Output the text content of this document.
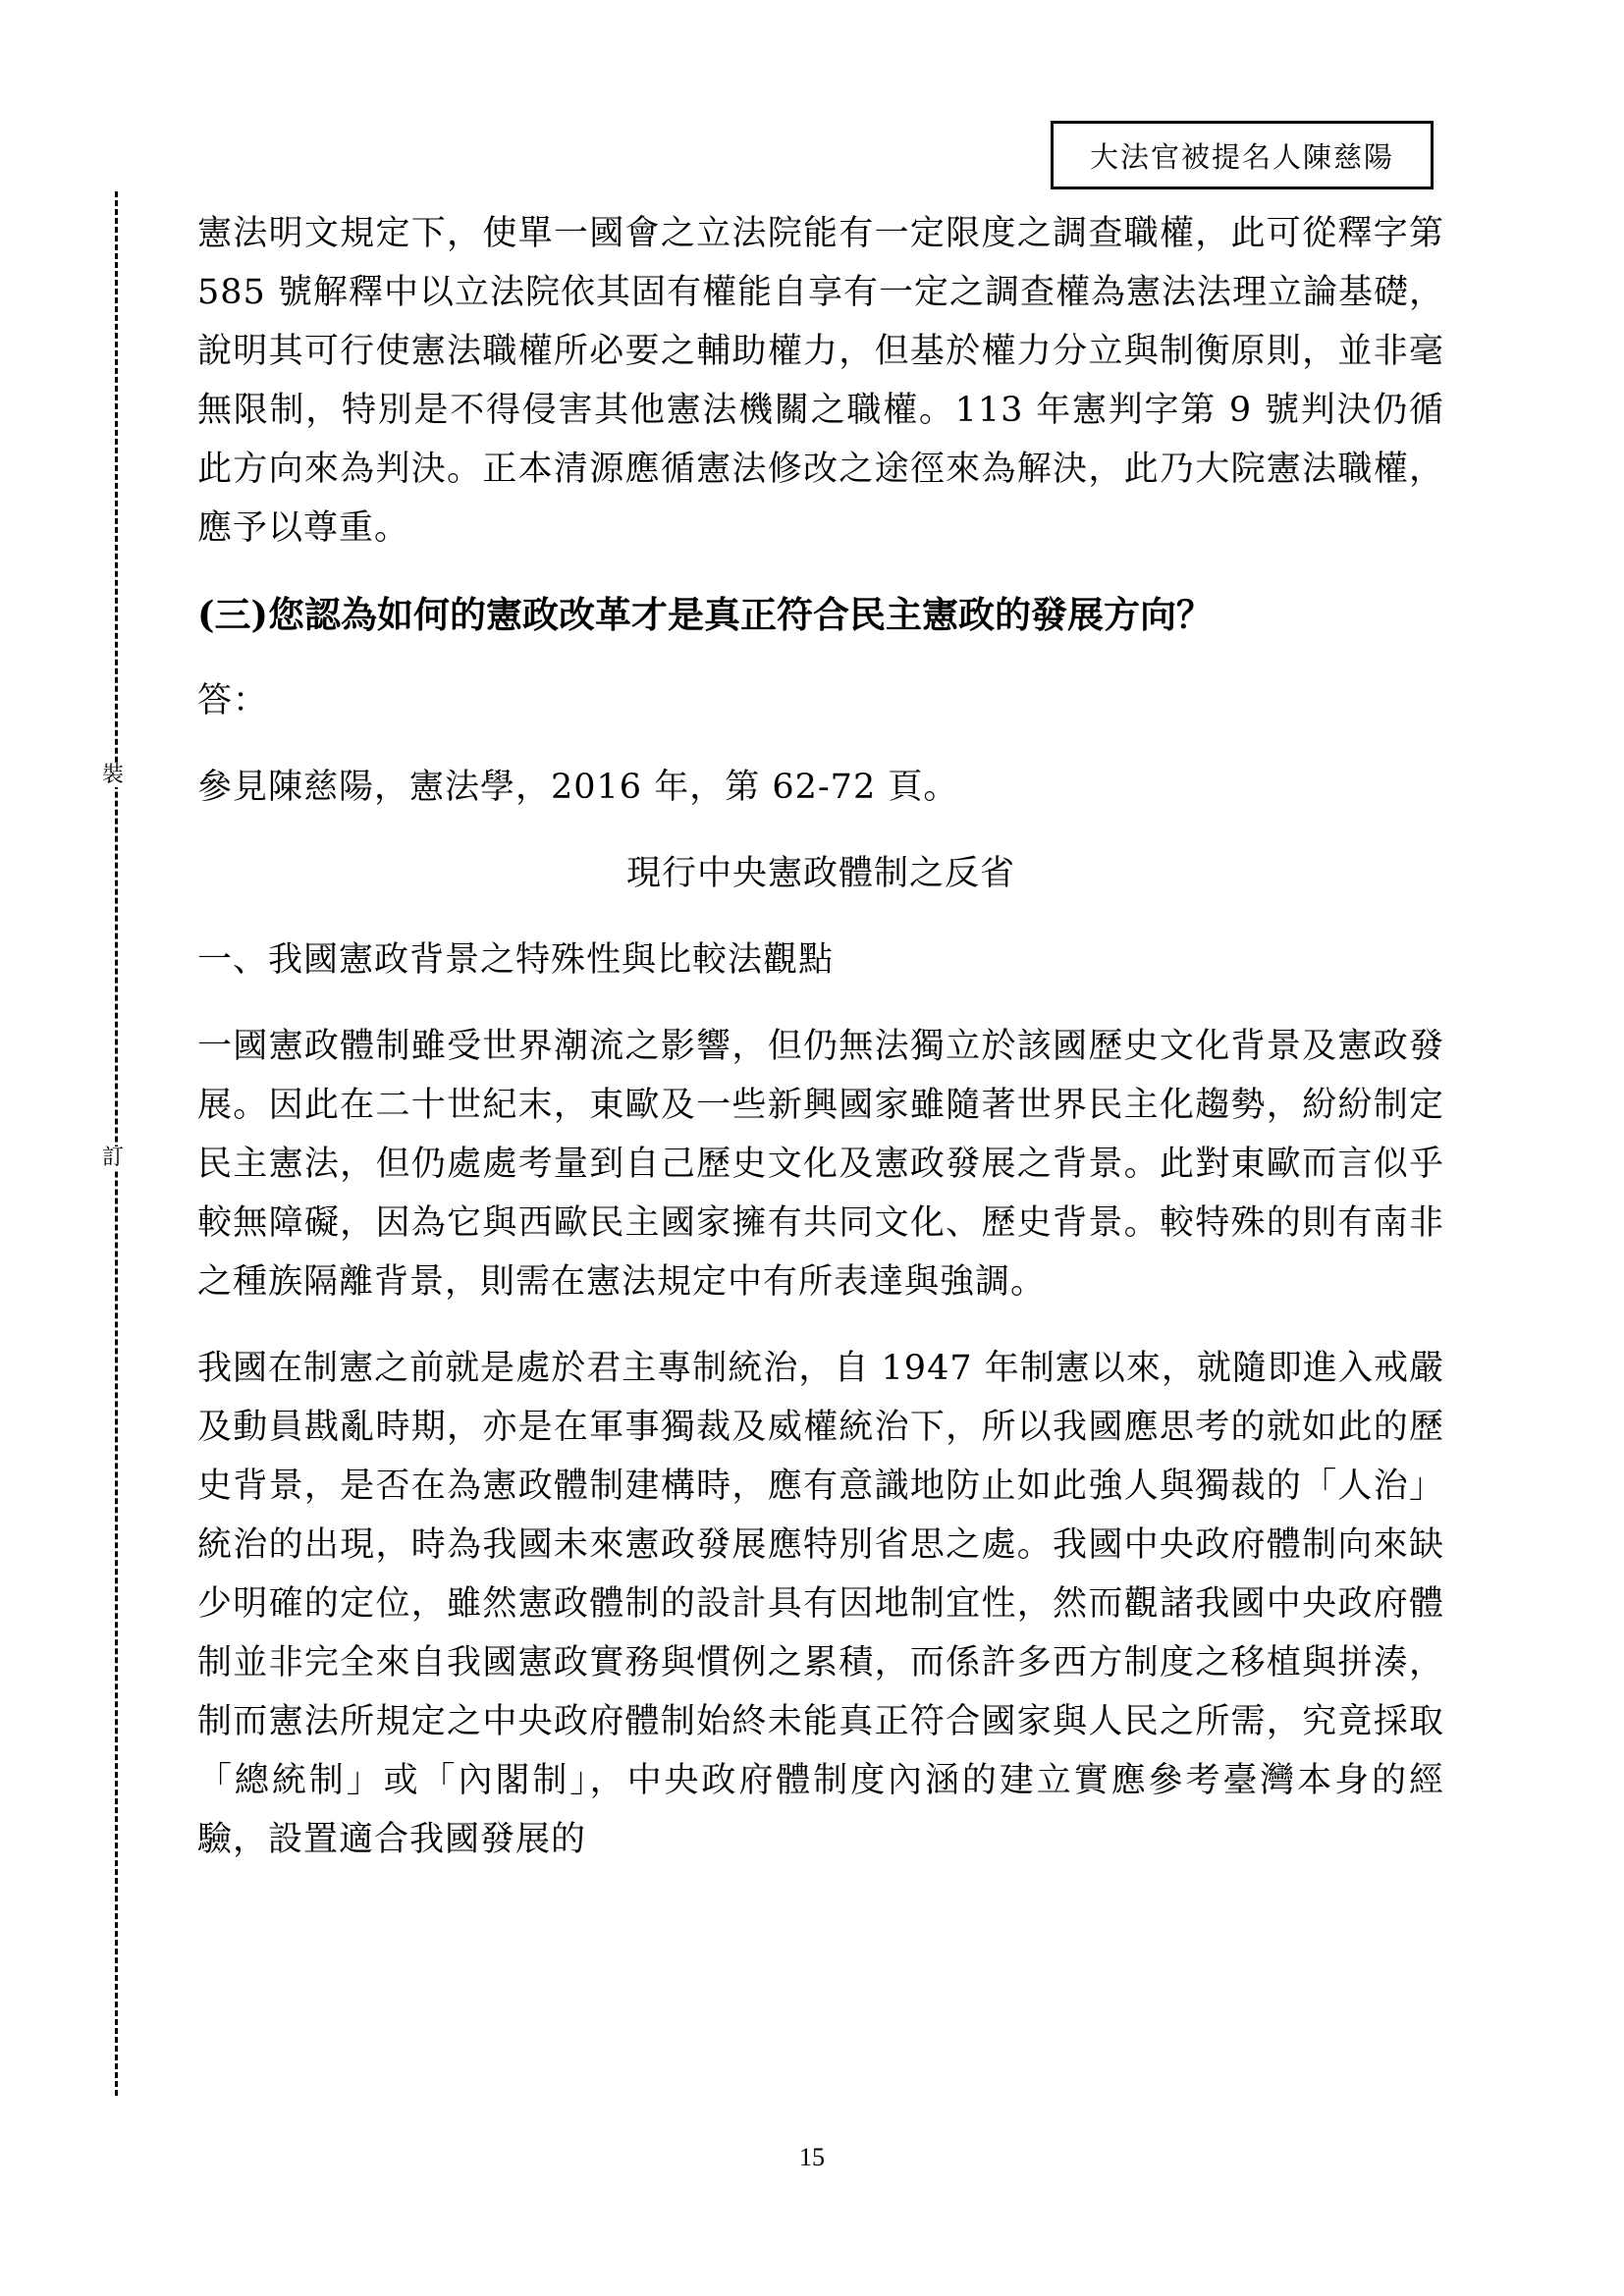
大法官被提名人陳慈陽
裝
訂

憲法明文規定下，使單一國會之立法院能有一定限度之調查職權，此可從釋字第 585 號解釋中以立法院依其固有權能自享有一定之調查權為憲法法理立論基礎，說明其可行使憲法職權所必要之輔助權力，但基於權力分立與制衡原則，並非毫無限制，特別是不得侵害其他憲法機關之職權。113 年憲判字第 9 號判決仍循此方向來為判決。正本清源應循憲法修改之途徑來為解決，此乃大院憲法職權，應予以尊重。

(三)您認為如何的憲政改革才是真正符合民主憲政的發展方向？

答：

參見陳慈陽，憲法學，2016 年，第 62-72 頁。

現行中央憲政體制之反省

一、我國憲政背景之特殊性與比較法觀點

一國憲政體制雖受世界潮流之影響，但仍無法獨立於該國歷史文化背景及憲政發展。因此在二十世紀末，東歐及一些新興國家雖隨著世界民主化趨勢，紛紛制定民主憲法，但仍處處考量到自己歷史文化及憲政發展之背景。此對東歐而言似乎較無障礙，因為它與西歐民主國家擁有共同文化、歷史背景。較特殊的則有南非之種族隔離背景，則需在憲法規定中有所表達與強調。

我國在制憲之前就是處於君主專制統治，自 1947 年制憲以來，就隨即進入戒嚴及動員戡亂時期，亦是在軍事獨裁及威權統治下，所以我國應思考的就如此的歷史背景，是否在為憲政體制建構時，應有意識地防止如此強人與獨裁的「人治」統治的出現，時為我國未來憲政發展應特別省思之處。我國中央政府體制向來缺少明確的定位，雖然憲政體制的設計具有因地制宜性，然而觀諸我國中央政府體制並非完全來自我國憲政實務與慣例之累積，而係許多西方制度之移植與拼湊，制而憲法所規定之中央政府體制始終未能真正符合國家與人民之所需，究竟採取「總統制」或「內閣制」，中央政府體制度內涵的建立實應參考臺灣本身的經驗，設置適合我國發展的

15
